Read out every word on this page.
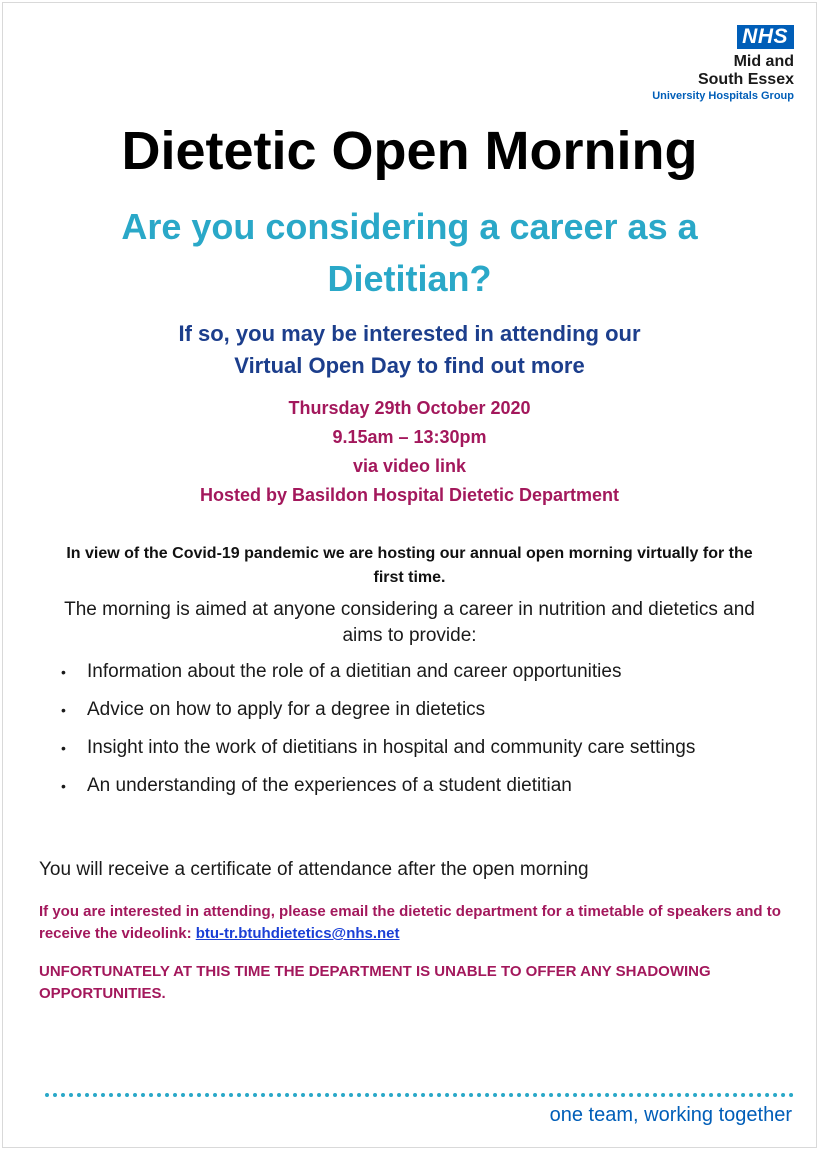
NHS
Mid and
South Essex
University Hospitals Group
Dietetic Open Morning
Are you considering a career as a Dietitian?
If so, you may be interested in attending our
Virtual Open Day to find out more
Thursday 29th October 2020
9.15am – 13:30pm
via video link
Hosted by Basildon Hospital Dietetic Department
In view of the Covid-19 pandemic we are hosting our annual open morning virtually for the first time.
The morning is aimed at anyone considering a career in nutrition and dietetics and aims to provide:
• Information about the role of a dietitian and career opportunities
• Advice on how to apply for a degree in dietetics
• Insight into the work of dietitians in hospital and community care settings
• An understanding of the experiences of a student dietitian
You will receive a certificate of attendance after the open morning
If you are interested in attending, please email the dietetic department for a timetable of speakers and to receive the videolink: btu-tr.btuhdietetics@nhs.net
UNFORTUNATELY AT THIS TIME THE DEPARTMENT IS UNABLE TO OFFER ANY SHADOWING OPPORTUNITIES.
one team, working together
